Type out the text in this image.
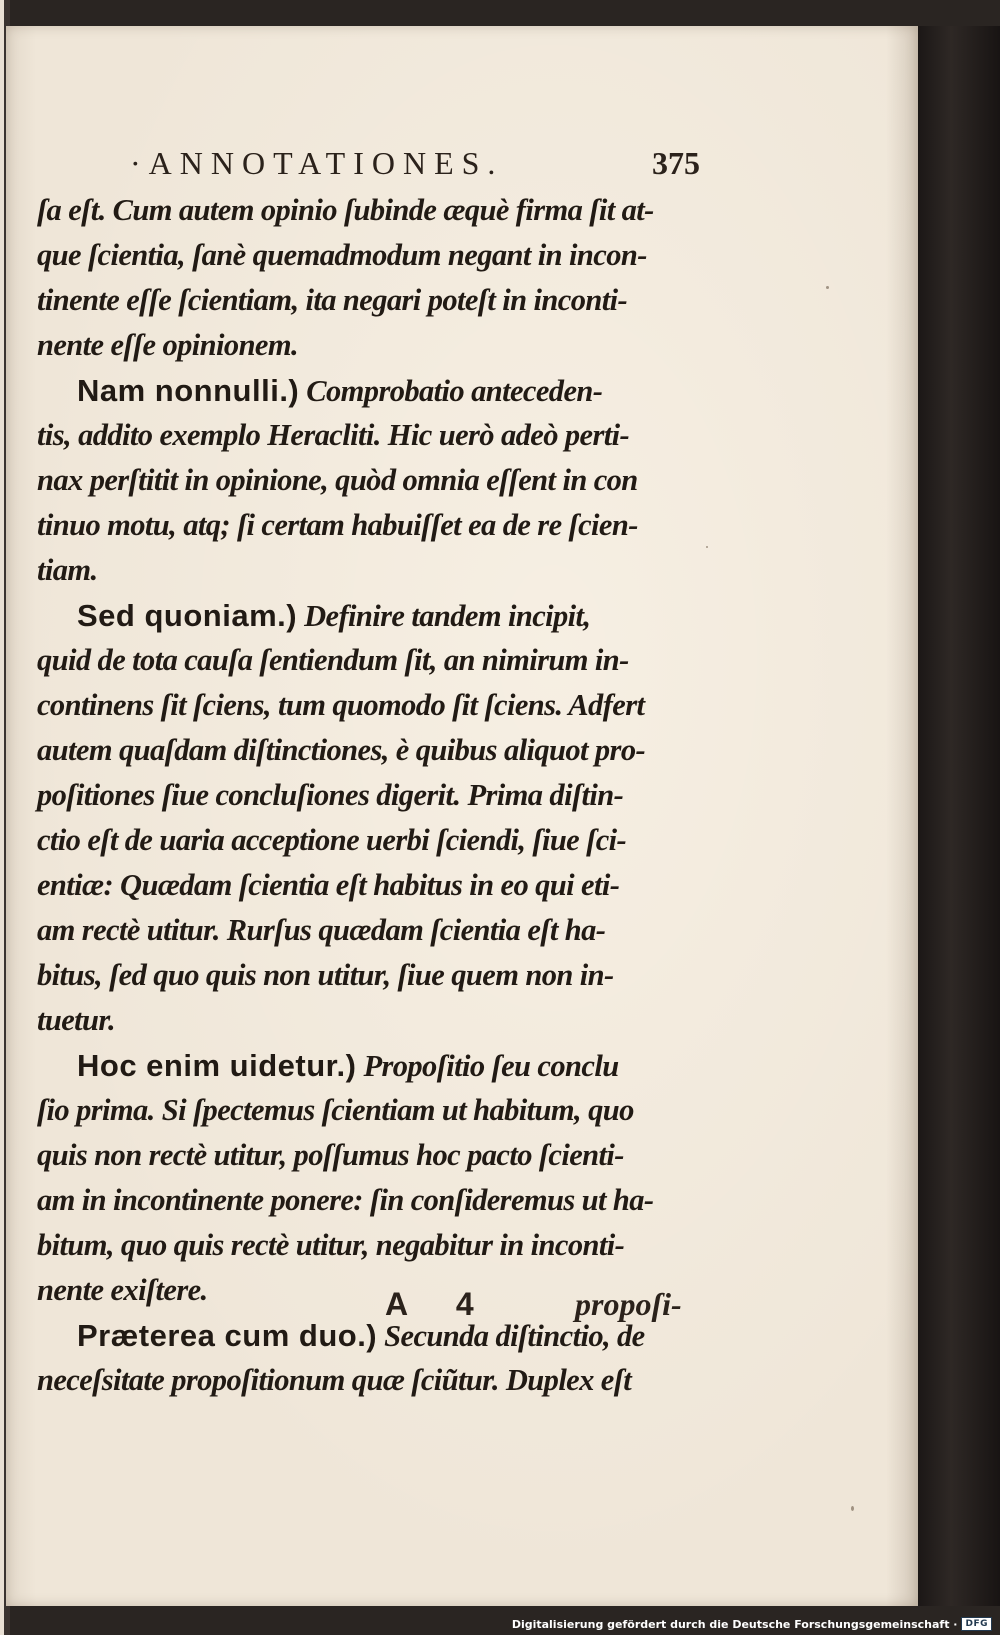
·ANNOTATIONES.	375
ſa eſt. Cum autem opinio ſubinde æquè firma ſit at-
que ſcientia, ſanè quemadmodum negant in incon-
tinente eſſe ſcientiam, ita negari poteſt in inconti-
nente eſſe opinionem.
Nam nonnulli.) Comprobatio anteceden-
tis, addito exemplo Heracliti. Hic uerò adeò perti-
nax perſtitit in opinione, quòd omnia eſſent in con
tinuo motu, atq; ſi certam habuiſſet ea de re ſcien-
tiam.
Sed quoniam.) Definire tandem incipit,
quid de tota cauſa ſentiendum ſit, an nimirum in-
continens ſit ſciens, tum quomodo ſit ſciens. Adfert
autem quaſdam diſtinctiones, è quibus aliquot pro-
poſitiones ſiue concluſiones digerit. Prima diſtin-
ctio eſt de uaria acceptione uerbi ſciendi, ſiue ſci-
entiæ: Quædam ſcientia eſt habitus in eo qui eti-
am rectè utitur. Rurſus quædam ſcientia eſt ha-
bitus, ſed quo quis non utitur, ſiue quem non in-
tuetur.
Hoc enim uidetur.) Propoſitio ſeu conclu
ſio prima. Si ſpectemus ſcientiam ut habitum, quo
quis non rectè utitur, poſſumus hoc pacto ſcienti-
am in incontinente ponere: ſin conſideremus ut ha-
bitum, quo quis rectè utitur, negabitur in inconti-
nente exiſtere.
Præterea cum duo.) Secunda diſtinctio, de
neceſsitate propoſitionum quæ ſciũtur. Duplex eſt
A 4	propoſi-
Digitalisierung gefördert durch die Deutsche Forschungsgemeinschaft · DFG
